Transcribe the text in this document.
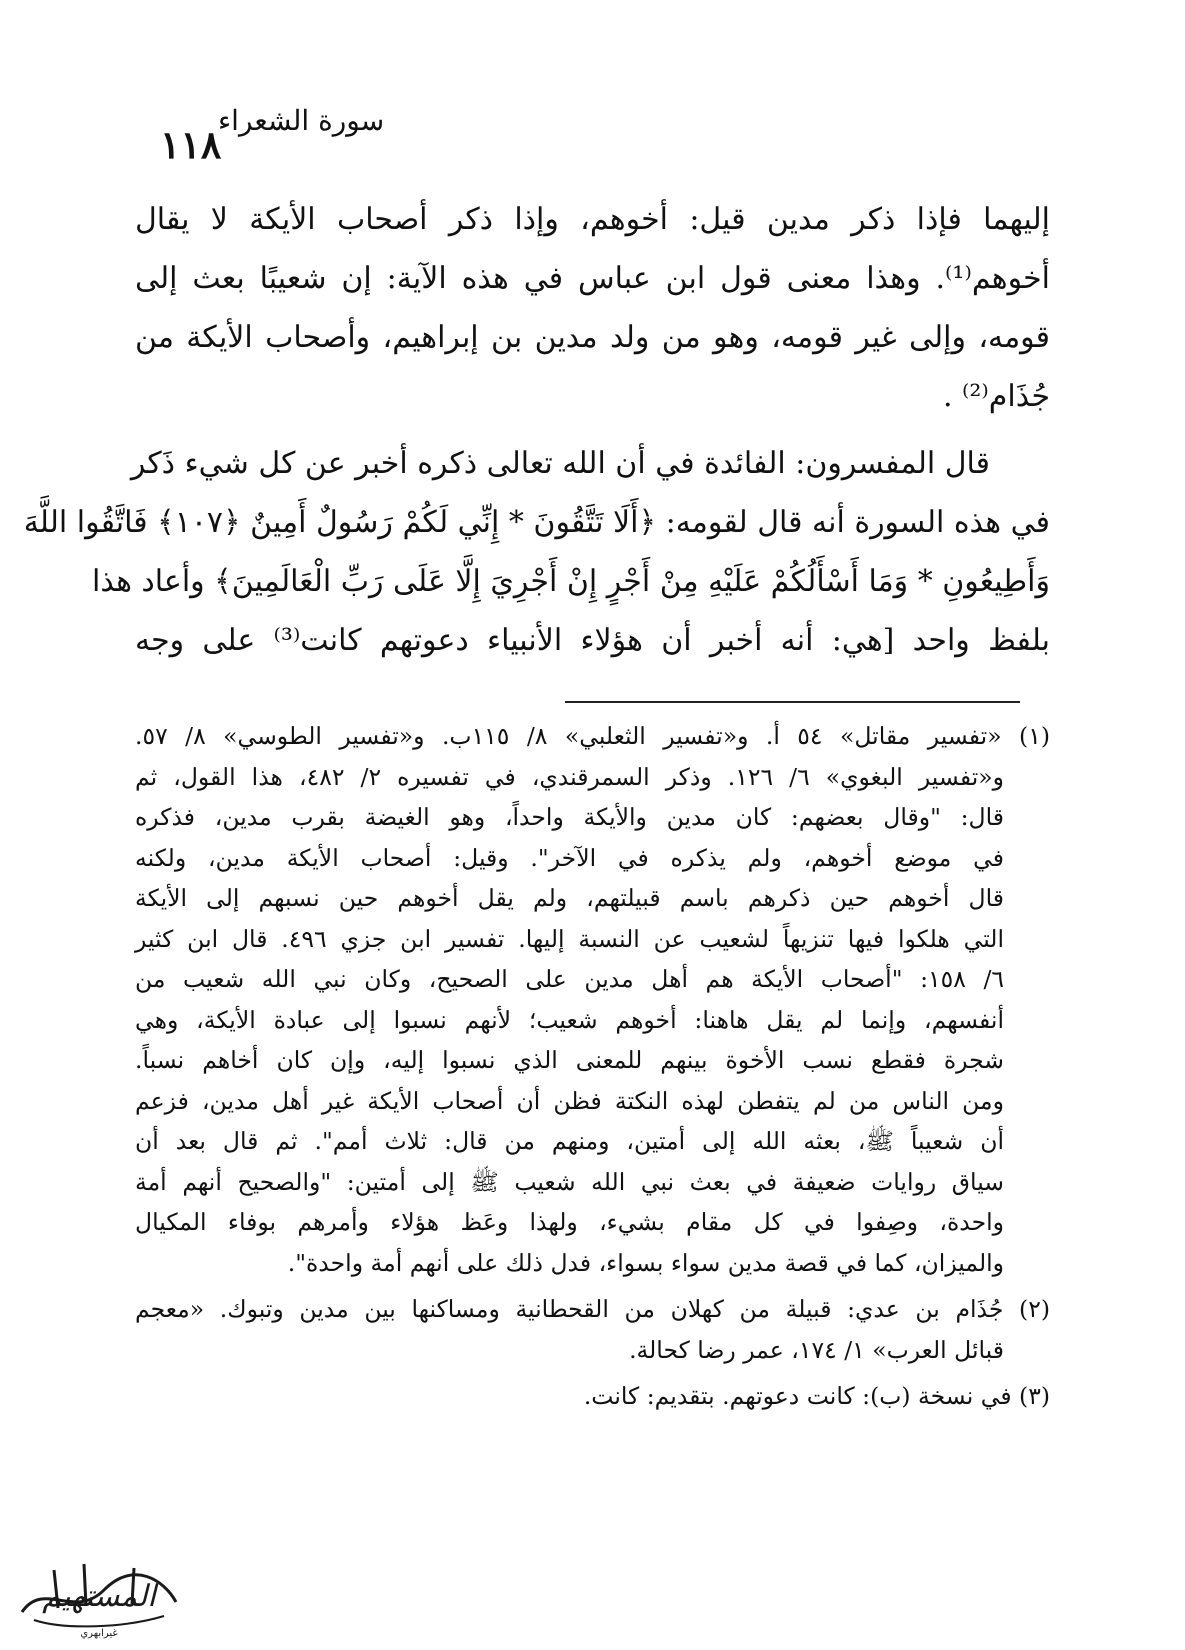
١١٨
سورة الشعراء
إليهما فإذا ذكر مدين قيل: أخوهم، وإذا ذكر أصحاب الأيكة لا يقال
أخوهم⁽¹⁾. وهذا معنى قول ابن عباس في هذه الآية: إن شعيبًا بعث إلى
قومه، وإلى غير قومه، وهو من ولد مدين بن إبراهيم، وأصحاب الأيكة من
جُذَام⁽²⁾ .
قال المفسرون: الفائدة في أن الله تعالى ذكره أخبر عن كل شيء ذَكر
في هذه السورة أنه قال لقومه: ﴿أَلَا تَتَّقُونَ * إِنِّي لَكُمْ رَسُولٌ أَمِينٌ ﴿١٠٧﴾ فَاتَّقُوا اللَّهَ
وَأَطِيعُونِ * وَمَا أَسْأَلُكُمْ عَلَيْهِ مِنْ أَجْرٍ إِنْ أَجْرِيَ إِلَّا عَلَى رَبِّ الْعَالَمِينَ﴾ وأعاد هذا
بلفظ واحد [هي: أنه أخبر أن هؤلاء الأنبياء دعوتهم كانت⁽³⁾ على وجه
(١) «تفسير مقاتل» ٥٤ أ. و«تفسير الثعلبي» ٨/ ١١٥ب. و«تفسير الطوسي» ٨/ ٥٧.
و«تفسير البغوي» ٦/ ١٢٦. وذكر السمرقندي، في تفسيره ٢/ ٤٨٢، هذا القول، ثم
قال: "وقال بعضهم: كان مدين والأيكة واحداً، وهو الغيضة بقرب مدين، فذكره
في موضع أخوهم، ولم يذكره في الآخر". وقيل: أصحاب الأيكة مدين، ولكنه
قال أخوهم حين ذكرهم باسم قبيلتهم، ولم يقل أخوهم حين نسبهم إلى الأيكة
التي هلكوا فيها تنزيهاً لشعيب عن النسبة إليها. تفسير ابن جزي ٤٩٦. قال ابن كثير
٦/ ١٥٨: "أصحاب الأيكة هم أهل مدين على الصحيح، وكان نبي الله شعيب من
أنفسهم، وإنما لم يقل هاهنا: أخوهم شعيب؛ لأنهم نسبوا إلى عبادة الأيكة، وهي
شجرة فقطع نسب الأخوة بينهم للمعنى الذي نسبوا إليه، وإن كان أخاهم نسباً.
ومن الناس من لم يتفطن لهذه النكتة فظن أن أصحاب الأيكة غير أهل مدين، فزعم
أن شعيباً ﷺ، بعثه الله إلى أمتين، ومنهم من قال: ثلاث أمم". ثم قال بعد أن
سياق روايات ضعيفة في بعث نبي الله شعيب ﷺ إلى أمتين: "والصحيح أنهم أمة
واحدة، وصِفوا في كل مقام بشيء، ولهذا وعَظ هؤلاء وأمرهم بوفاء المكيال
والميزان، كما في قصة مدين سواء بسواء، فدل ذلك على أنهم أمة واحدة".
(٢) جُذَام بن عدي: قبيلة من كهلان من القحطانية ومساكنها بين مدين وتبوك. «معجم
قبائل العرب» ١/ ١٧٤، عمر رضا كحالة.
(٣) في نسخة (ب): كانت دعوتهم. بتقديم: كانت.
المستهيم
غيرابهري
